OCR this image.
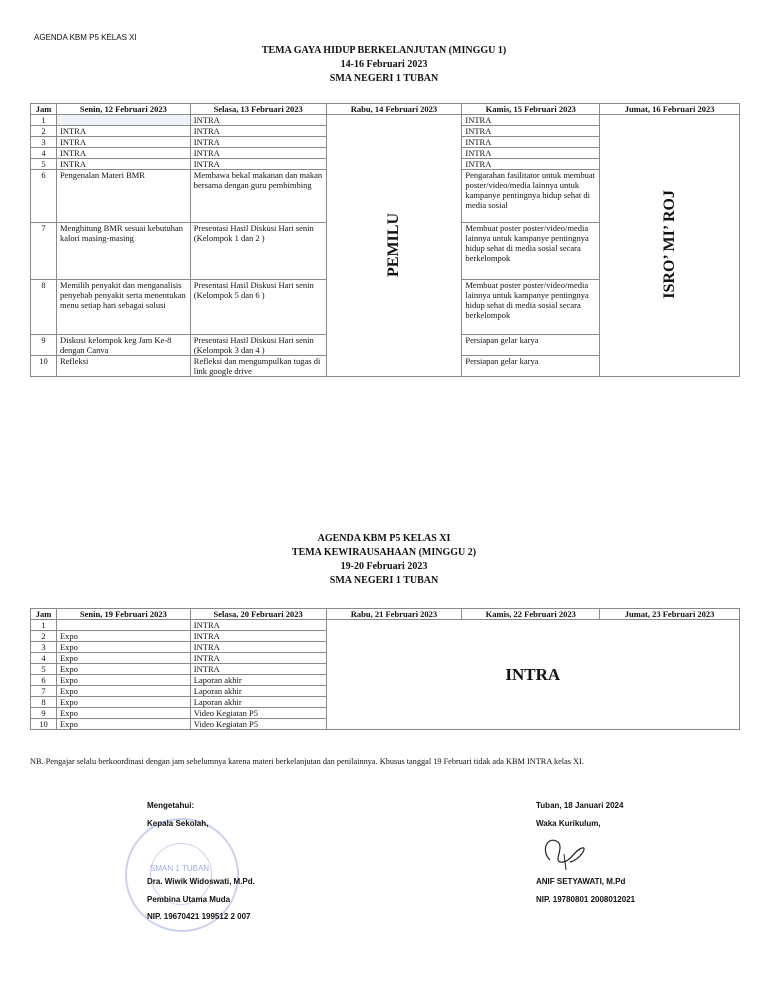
AGENDA KBM P5 KELAS XI
TEMA GAYA HIDUP BERKELANJUTAN (MINGGU 1)
14-16 Februari 2023
SMA NEGERI 1 TUBAN
Jam	Senin, 12 Februari 2023	Selasa, 13 Februari 2023	Rabu, 14 Februari 2023	Kamis, 15 Februari 2023	Jumat, 16 Februari 2023
1		INTRA	PEMILU	INTRA	ISRO’ MI’ ROJ
2	INTRA	INTRA		INTRA	
3	INTRA	INTRA		INTRA	
4	INTRA	INTRA		INTRA	
5	INTRA	INTRA		INTRA	
6	Pengenalan Materi BMR	Membawa bekal makanan dan makan bersama dengan guru pembimbing		Pengarahan fasilitator untuk membuat poster/video/media lainnya untuk kampanye pentingnya hidup sehat di media sosial	
7	Menghitung BMR sesuai kebutuhan kalori masing-masing	Presentasi Hasil Diskusi Hari senin (Kelompok 1 dan 2 )		Membuat poster poster/video/media lainnya untuk kampanye pentingnya hidup sehat di media sosial secara berkelompok	
8	Memilih penyakit dan menganalisis penyebab penyakit serta menentukan menu setiap hari sebagai solusi	Presentasi Hasil Diskusi Hari senin (Kelompok 5 dan 6 )		Membuat poster poster/video/media lainnya untuk kampanye pentingnya hidup sehat di media sosial secara berkelompok	
9	Diskusi kelompok keg Jam Ke-8 dengan Canva	Presentasi Hasil Diskusi Hari senin (Kelompok 3 dan 4 )		Persiapan gelar karya	
10	Refleksi	Refleksi dan mengumpulkan tugas di link google drive		Persiapan gelar karya	
AGENDA KBM P5 KELAS XI
TEMA KEWIRAUSAHAAN (MINGGU 2)
19-20 Februari 2023
SMA NEGERI 1 TUBAN
Jam	Senin, 19 Februari 2023	Selasa, 20 Februari 2023	Rabu, 21 Februari 2023	Kamis, 22 Februari 2023	Jumat, 23 Februari 2023
1		INTRA	INTRA		
2	Expo	INTRA			
3	Expo	INTRA			
4	Expo	INTRA			
5	Expo	INTRA			
6	Expo	Laporan akhir			
7	Expo	Laporan akhir			
8	Expo	Laporan akhir			
9	Expo	Video Kegiatan P5			
10	Expo	Video Kegiatan P5			
NB. Pengajar selalu berkoordinasi dengan jam sebelumnya karena materi berkelanjutan dan penilainnya. Khusus tanggal 19 Februari tidak ada KBM INTRA kelas XI.
SMAN 1 TUBAN
Mengetahui:
Kepala Sekolah,
Dra. Wiwik Widoswati, M.Pd.
Pembina Utama Muda
NIP. 19670421 199512 2 007
Tuban, 18 Januari 2024
Waka Kurikulum,
ANIF SETYAWATI, M.Pd
NIP. 19780801 2008012021
